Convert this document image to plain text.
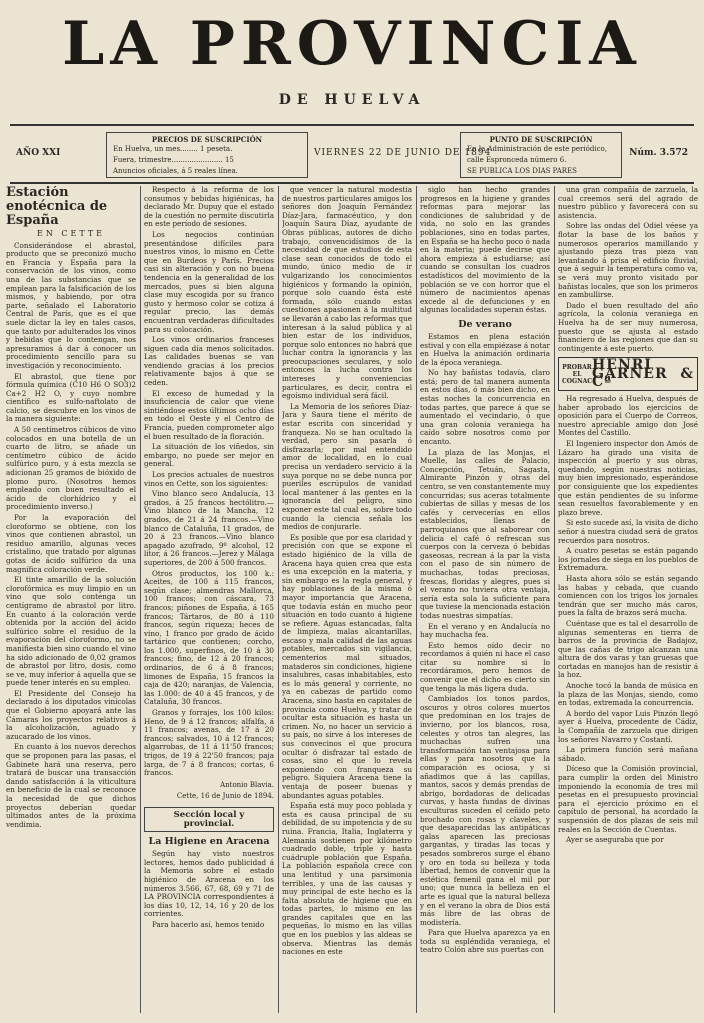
LA PROVINCIA
DE HUELVA
AÑO XXI
PRECIOS DE SUSCRIPCIÓN
En Huelva, un mes........ 1 peseta.
Fuera, trimestre....................... 15
Anuncios oficiales, á 5 reales línea.
VIERNES 22 DE JUNIO DE 1894
PUNTO DE SUSCRIPCIÓN
En la Administración de este periódico,
calle Espronceda número 6.
SE PUBLICA LOS DIAS PARES
Núm. 3.572
Estación enotécnica de España
EN CETTE

Considerándose el abrastol, producto que se preconizó mucho en Francia y España para la conservación de los vinos, como una de las substancias que se emplean para la falsificación de los mismos, y habiendo, por otra parte, señalado el Laboratorio Central de París, que es el que suele dictar la ley en tales casos, que tanto por adulterados los vinos y bebidas que lo contengan, nos apresuramos á dar á conocer un procedimiento sencillo para su investigación y reconocimiento.

El abrastol, que tiene por fórmula química (C10 H6 O SO3)2 Ca+2 H2 O, y cuyo nombre científico es sulfo-naftolato de calcio, se descubre en los vinos de la manera siguiente:

A 50 centímetros cúbicos de vino colocados en una botella de un cuarto de litro, se añade un centímetro cúbico de ácido sulfúrico puro, y á esta mezcla se adicionan 25 gramos de bióxido de plomo puro. (Nosotros hemos empleado con buen resultado el ácido de clorhídrico y el procedimiento inverso.)

Por la evaporación del cloroformo se obtiene, con los vinos que contienen abrastol, un residuo amarillo, algunas veces cristalino, que tratado por algunas gotas de ácido sulfúrico da una magnífica coloración verde.

El tinte amarillo de la solución clorofórmica es muy limpio en un vino que solo contenga un centígramo de abrastol por litro. En cuanto á la coloración verde obtenida por la acción del ácido sulfúrico sobre el residuo de la evaporación del cloroformo, no se manifiesta bien sino cuando el vino ha sido adicionado de 0,02 gramos de abrastol por litro, dosis, como se ve, muy inferior á aquella que se puede tener interés en su empleo.

El Presidente del Consejo ha declarado á los diputados vinícolas que el Gobierno apoyará ante las Cámaras los proyectos relativos á la alcoholización, aguado y azucarado de los vinos.

En cuanto á los nuevos derechos que se proponen para las pasas, el Gabinete hará una reserva, pero tratará de buscar una transacción dando satisfacción á la viticultura en beneficio de la cual se reconoce la necesidad de que dichos proyectos deberían quedar ultimados antes de la próxima vendimia.

Respecto á la reforma de los consumos y bebidas higiénicas, ha declarado Mr. Dupuy que el estado de la cuestión no permite discutirla en este período de sesiones.

Los negocios continúan presentándose difíciles para nuestros vinos, lo mismo en Cette que en Burdeos y París. Precios casi sin alteración y con no buena tendencia en la generalidad de los mercados, pues si bien alguna clase muy escogida por su franco gusto y hermoso color se cotiza á regular precio, las demás encuentran verdaderas dificultades para su colocación.

Los vinos ordinarios franceses siguen cada día menos solicitados. Las calidades buenas se van vendiendo gracias á los precios relativamente bajos á que se ceden.

El exceso de humedad y la insuficiencia de calor que viene sintiéndose estos últimos ocho días en todo el Oeste y el Centro de Francia, pueden comprometer algo el buen resultado de la floración.

La situación de los viñedos, sin embargo, no puede ser mejor en general.

Los precios actuales de nuestros vinos en Cette, son los siguientes:

Vino blanco seco Andalucía, 13 grados, á 25 francos hectólitro.—Vino blanco de la Mancha, 12 grados, de 21 á 24 francos.—Vino blanco de Cataluña, 11 grados, de 20 á 23 francos.—Vino blanco apagado azufrado, 9º alcohol, 12 litor, á 26 francos.—Jerez y Málaga superiores, de 200 á 500 francos.

Otros productos, los 100 k.: Aceites, de 100 á 115 francos, según clase; almendras Mallorca, 100 francos; con cáscara, 73 francos; piñones de España, á 165 francos; Tártaros, de 80 á 110 francos, según riqueza; heces de vino, 1 franco por grado de ácido tartárico que contienen; corcho, los 1.000, superfinos, de 10 á 30 francos; fino, de 12 á 20 francos; ordinarios, de 6 á 8 francos; limones de España, 15 francos la caja de 420; naranjas, de Valencia, las 1.000: de 40 á 45 francos, y de Cataluña, 30 francos.

Granos y forrajes, los 100 kilos: Heno, de 9 á 12 francos; alfalfa, á 11 francos; avenas, de 17 á 20 francos; salvados, 10 á 12 francos; algarrobas, de 11 á 11'50 francos; trigos, de 19 á 22'50 francos; paja larga, de 7 á 8 francos; cortas, 6 francos.

Antonio Blavia.
Cette, 16 de Junio de 1894.
Sección local y provincial.
La Higiene en Aracena

Según hay visto nuestros lectores, hemos dado publicidad á la Memoria sobre el estado higiénico de Aracena en los números 3.566, 67, 68, 69 y 71 de LA PROVINCIA correspondientes á los días 10, 12, 14, 16 y 20 de los corrientes.

Para hacerlo así, hemos tenido

que vencer la natural modestia de nuestros particulares amigos los señores don Joaquín Fernández Díaz-Jara, farmacéutico, y don Joaquín Saura Díaz, ayudante de Obras públicas, autores de dicho trabajo, convencidísimos de la necesidad de que estudios de esta clase sean conocidos de todo el mundo, único medio de ir vulgarizando los conocimientos higiénicos y formando la opinión, porque solo cuando ésta esté formada, sólo cuando estas cuestiones apasionen á la multitud se llevarán á cabo las reformas que interesan á la salud pública y al bien estar de los individuos, porque solo entonces no habrá que luchar contra la ignorancia y las preocupaciones seculares, y solo entonces la lucha contra los intereses y conveniencias particulares, es decir, contra el egoísmo individual será fácil.

La Memoria de los señores Díaz-Jara y Saura tiene el mérito de estar escrita con sinceridad y franqueza. No se han ocultado la verdad, pero sin pasarla ó disfrazarla; por mal entendido amor de localidad, en lo cual precisa un verdadero servicio á la suya porque no se debe nunca por pueriles escrúpulos de vanidad local mantener á las gentes en la ignorancia del peligro, sino exponer este tal cual es, sobre todo cuando la ciencia señala los medios de conjurarle.

Es posible que por esa claridad y precisión con que se expone el estado higiénico de la villa de Aracena haya quien crea que esta es una excepción en la materia, y sin embargo es la regla general, y hay poblaciones de la misma ó mayor importancia que Aracena, que todavía están en mucho peor situación en todo cuanto á higiene se refiere. Aguas estancadas, falta de limpieza, malas alcantarillas, escaso y mala calidad de las aguas potables, mercados sin vigilancia, cementerios mal situados, mataderos sin condiciones, higiene insalubres, casas inhabitables, esto es lo más general y corriente, no ya en cabezas de partido como Aracena, sino hasta en capitales de provincia como Huelva, y tratar de ocultar esta situación es hasta un crimen. No, no hacer un servicio á su país, no sirve á los intereses de sus convecinos el que procura ocultar ó disfrazar tal estado de cosas, sino el que lo revela exponiendo con franqueza su peligro. Siquiera Aracena tiene la ventaja de poseer buenas y abundantes aguas potables.

España está muy poco poblada y esta es causa principal de su debilidad, de su impotencia y de su ruina. Francia, Italia, Inglaterra y Alemania sostienen por kilómetro cuadrado doble, triple y hasta cuádruple población que España. La población española crece con una lentitud y una parsimonia terribles, y una de las causas y muy principal de este hecho es la falta absoluta de higiene que en todas partes, lo mismo en las grandes capitales que en las pequeñas, lo mismo en las villas que en los pueblos y las aldeas se observa. Mientras las demás naciones en este

siglo han hecho grandes progresos en la higiene y grandes reformas para mejorar las condiciones de salubridad y de vida, no solo en las grandes poblaciones, sino en todas partes, en España se ha hecho poco ó nada en la materia; puede decirse que ahora empieza á estudiarse; así cuando se consultan los cuadros estadísticos del movimiento de la población se ve con horror que el número de nacimientos apenas excede al de defunciones y en algunas localidades superan éstas.

De verano

Estamos en plena estación estival y con ella empiézase á notar en Huelva la animación ordinaria de la época veraniega.

No hay bañistas todavía, claro está; pero de tal manera aumenta en estos días, ó más bien dicho, en estas noches la concurrencia en todas partes, que parece á que se aumentado el vecindario, ó que una gran colonia veraniega ha caído sobre nosotros como por encanto.

La plaza de las Monjas, el Muelle, las calles de Palacio, Concepción, Tetuán, Sagasta, Almirante Pinzón y otras del centro, se ven constantemente muy concurridas; sus aceras totalmente cubiertas de sillas y mesas de los cafés y cervecerías en ellos establecidos, llenas de parroquianos que al saborear con delicia el café ó refrescan sus cuerpos con la cerveza ó bebidas gaseosas, recrean á la par la vista con el paso de sin número de muchachas, todas preciosas, frescas, floridas y alegres, pues si el verano no tuviera otra ventaja, sería esta sola la suficiente para que tuviese la mencionada estación todas nuestras simpatías.

En el verano y en Andalucía no hay muchacha fea.

Esto hemos oído decir no recordamos á quién ni hace el caso citar su nombre si lo recordáramos, pero hemos de convenir que el dicho es cierto sin que tenga la más ligera duda.

Cambiados los tonos pardos, oscuros y otros colores muertos que predominan en los trajes de invierno, por los blancos, rosa, celestes y otros tan alegres, las muchachas sufren una transformación tan ventajosa para ellas y para nosotros que la comparación es ociosa, y si añadimos que á las capillas, mantos, sacos y demás prendas de abrigo, bordadoras de delicadas curvas, y hasta fundas de divinas esculturas suceden el ceñido peto brochado con rosas y claveles, y que desaparecidas las antipáticas galas aparecen las preciosas gargantas, y tiradas las tocas y pesados sombreros surge el ébano y oro en toda su belleza y toda libertad, hemos de convenir que la estética femenil gana el mil por uno; que nunca la belleza en el arte es igual que la natural belleza y en el verano la obra de Dios está más libre de las obras de modistería.

Para que Huelva aparezca ya en toda su espléndida veraniega, el teatro Colón abre sus puertas con

una gran compañía de zarzuela, la cual creemos será del agrado de nuestro público y favorecerá con su asistencia.

Sobre las ondas del Odiel véese ya flotar la base de los baños y numerosos operarios mamillando y ajustando pieza tras pieza van levantando á prisa el edificio fluvial, que á seguir la temperatura como va, se verá muy pronto visitado por bañistas locales, que son los primeros en zambullirse.

Dado el buen resultado del año agrícola, la colonia veraniega en Huelva ha de ser muy numerosa, puesto que se ajusta al estado financiero de las regiones que dan su contingente á este puerto.

PROBAR
EL
COGNAC
HENRI GARNER & Cª

Ha regresado á Huelva, después de haber aprobado los ejercicios de oposición para el Cuerpo de Correos, nuestro apreciable amigo don José Montes del Castillo.

El Ingeniero inspector don Amós de Lázaro ha girado una visita de inspección al puerto y sus obras, quedando, según nuestras noticias, muy bien impresionado, esperándose por consiguiente que los expedientes que están pendientes de su informe sean resueltos favorablemente y en plazo breve.

Si esto sucede así, la visita de dicho señor á nuestra ciudad será de gratos recuerdos para nosotros.

A cuatro pesetas se están pagando los jornales de siega en los pueblos de Extremadura.

Hasta ahora sólo se están segando las habas y cebada, que cuando comiencen con los trigos los jornales tendrán que ser mucho más caros, pues la falta de brazos será mucha.

Cuéntase que es tal el desarrollo de algunas sementeras en tierra de barros de la provincia de Badajoz, que las cañas de trigo alcanzan una altura de dos varas y tan gruesas que cortadas en manojos han de resistir á la hoz.

Anoche tocó la banda de música en la plaza de las Monjas, siendo, como en todas, extremada la concurrencia.

A bordo del vapor Luis Pinzón llegó ayer á Huelva, procedente de Cádiz, la Compañía de zarzuela que dirigen los señores Navarro y Costantí.

La primera función será mañana sábado.

Díceso que la Comisión provincial, para cumplir la orden del Ministro imponiendo la economía de tres mil pesetas en el presupuesto provincial para el ejercicio próximo en el capítulo de personal, ha acordado la suspensión de dos plazas de seis mil reales en la Sección de Cuentas.

Ayer se aseguraba que por
